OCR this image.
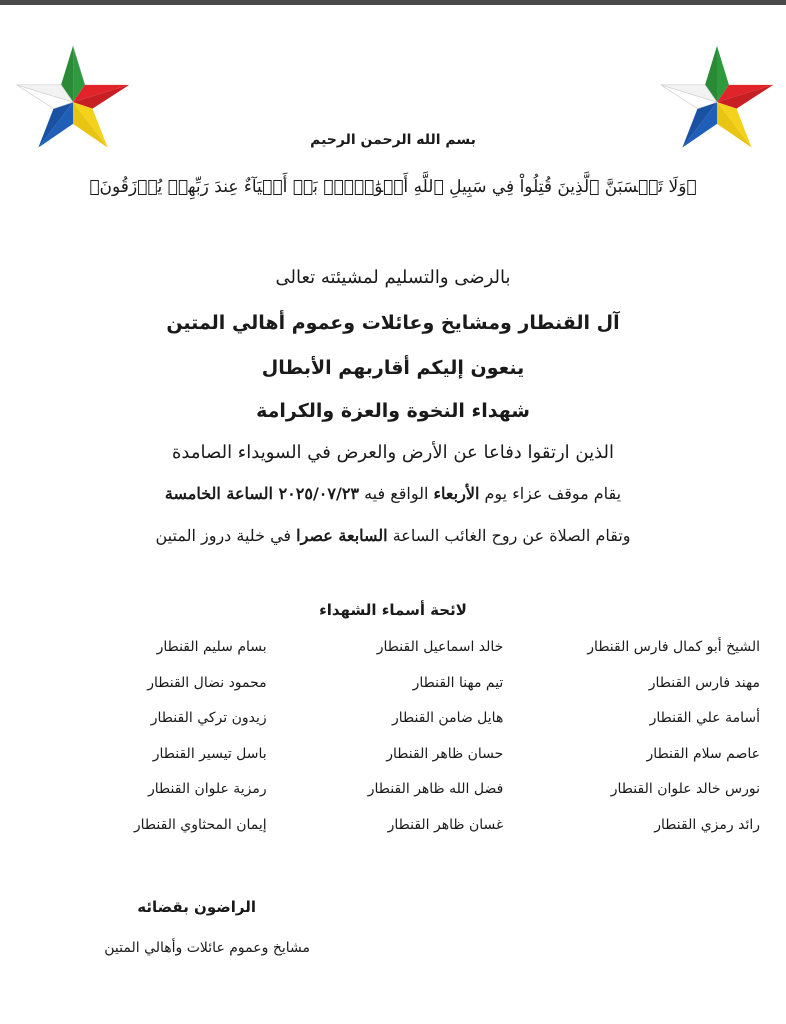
بسم الله الرحمن الرحيم
﴿وَلَا تَحۡسَبَنَّ ٱلَّذِينَ قُتِلُواْ فِي سَبِيلِ ٱللَّهِ أَمۡوَٰتَۢاۚ بَلۡ أَحۡيَآءٌ عِندَ رَبِّهِمۡ يُرۡزَقُونَ﴾
بالرضى والتسليم لمشيئته تعالى
آل القنطار ومشايخ وعائلات وعموم أهالي المتين
ينعون إليكم أقاربهم الأبطال
شهداء النخوة والعزة والكرامة
الذين ارتقوا دفاعا عن الأرض والعرض في السويداء الصامدة
يقام موقف عزاء يوم الأربعاء الواقع فيه ٢٠٢٥/٠٧/٢٣ الساعة الخامسة
وتقام الصلاة عن روح الغائب الساعة السابعة عصرا في خلية دروز المتين
لائحة أسماء الشهداء
الشيخ أبو كمال فارس القنطار
خالد اسماعيل القنطار
بسام سليم القنطار
مهند فارس القنطار
تيم مهنا القنطار
محمود نضال القنطار
أسامة علي القنطار
هايل ضامن القنطار
زيدون تركي القنطار
عاصم سلام القنطار
حسان ظاهر القنطار
باسل تيسير القنطار
نورس خالد علوان القنطار
فضل الله ظاهر القنطار
رمزية علوان القنطار
رائد رمزي القنطار
غسان ظاهر القنطار
إيمان المحثاوي القنطار
الراضون بقضائه
مشايخ وعموم عائلات وأهالي المتين
